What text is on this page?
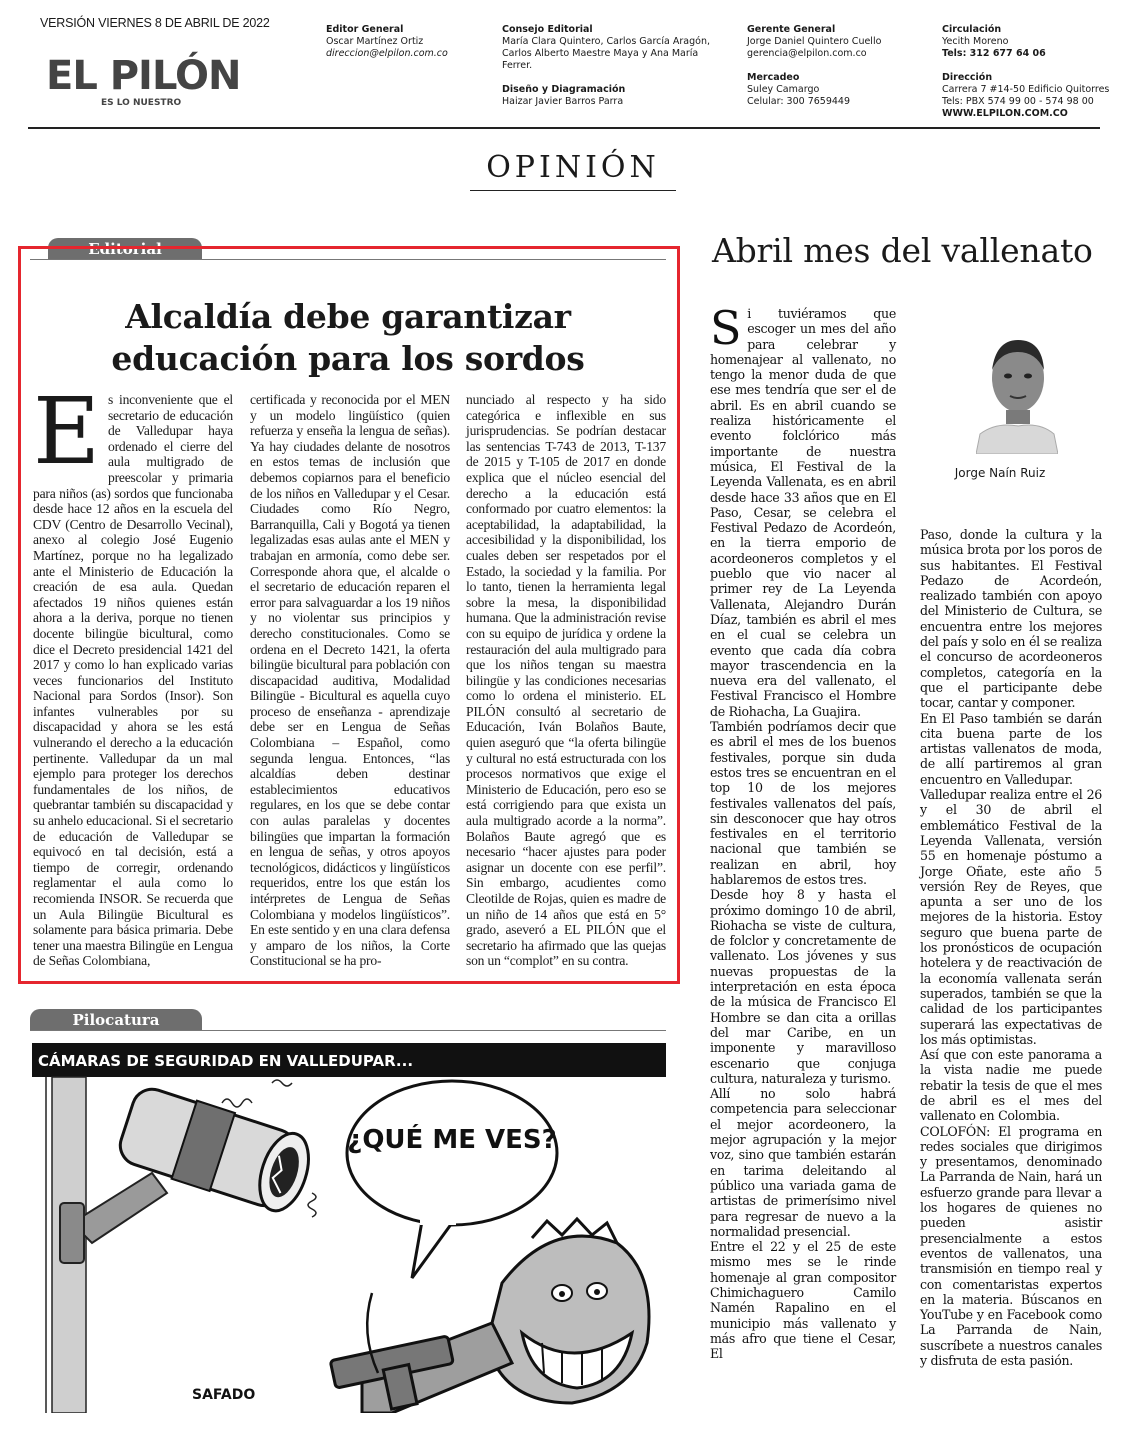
VERSIÓN VIERNES 8 DE ABRIL DE 2022
EL PILÓN
ES LO NUESTRO
Editor General
Oscar Martínez Ortiz
direccion@elpilon.com.co
Consejo Editorial
María Clara Quintero, Carlos García Aragón,
Carlos Alberto Maestre Maya y Ana María
Ferrer.
Diseño y Diagramación
Haizar Javier Barros Parra
Gerente General
Jorge Daniel Quintero Cuello
gerencia@elpilon.com.co
Mercadeo
Suley Camargo
Celular: 300 7659449
Circulación
Yecith Moreno
Tels: 312 677 64 06
Dirección
Carrera 7 #14-50 Edificio Quitorres
Tels: PBX 574 99 00 - 574 98 00
WWW.ELPILON.COM.CO
OPINIÓN
Editorial
Alcaldía debe garantizar
educación para los sordos
Es inconveniente que el secretario de educación de Valledupar haya ordenado el cierre del aula multigrado de preescolar y primaria para niños (as) sordos que funcionaba desde hace 12 años en la escuela del CDV (Centro de Desarrollo Vecinal), anexo al colegio José Eugenio Martínez, porque no ha legalizado ante el Ministerio de Educación la creación de esa aula. Quedan afectados 19 niños quienes están ahora a la deriva, porque no tienen docente bilingüe bicultural, como dice el Decreto presidencial 1421 del 2017 y como lo han explicado varias veces funcionarios del Instituto Nacional para Sordos (Insor). Son infantes vulnerables por su discapacidad y ahora se les está vulnerando el derecho a la educación pertinente. Valledupar da un mal ejemplo para proteger los derechos fundamentales de los niños, de quebrantar también su discapacidad y su anhelo educacional. Si el secretario de educación de Valledupar se equivocó en tal decisión, está a tiempo de corregir, ordenando reglamentar el aula como lo recomienda INSOR. Se recuerda que un Aula Bilingüe Bicultural es solamente para básica primaria. Debe tener una maestra Bilingüe en Lengua de Señas Colombiana,
certificada y reconocida por el MEN y un modelo lingüístico (quien refuerza y enseña la lengua de señas). Ya hay ciudades delante de nosotros en estos temas de inclusión que debemos copiarnos para el beneficio de los niños en Valledupar y el Cesar. Ciudades como Río Negro, Barranquilla, Cali y Bogotá ya tienen legalizadas esas aulas ante el MEN y trabajan en armonía, como debe ser. Corresponde ahora que, el alcalde o el secretario de educación reparen el error para salvaguardar a los 19 niños y no violentar sus principios y derecho constitucionales. Como se ordena en el Decreto 1421, la oferta bilingüe bicultural para población con discapacidad auditiva, Modalidad Bilingüe - Bicultural es aquella cuyo proceso de enseñanza - aprendizaje debe ser en Lengua de Señas Colombiana – Español, como segunda lengua. Entonces, “las alcaldías deben destinar establecimientos educativos regulares, en los que se debe contar con aulas paralelas y docentes bilingües que impartan la formación en lengua de señas, y otros apoyos tecnológicos, didácticos y lingüísticos requeridos, entre los que están los intérpretes de Lengua de Señas Colombiana y modelos lingüísticos”. En este sentido y en una clara defensa y amparo de los niños, la Corte Constitucional se ha pro-
nunciado al respecto y ha sido categórica e inflexible en sus jurisprudencias. Se podrían destacar las sentencias T-743 de 2013, T-137 de 2015 y T-105 de 2017 en donde explica que el núcleo esencial del derecho a la educación está conformado por cuatro elementos: la aceptabilidad, la adaptabilidad, la accesibilidad y la disponibilidad, los cuales deben ser respetados por el Estado, la sociedad y la familia. Por lo tanto, tienen la herramienta legal sobre la mesa, la disponibilidad humana. Que la administración revise con su equipo de jurídica y ordene la restauración del aula multigrado para que los niños tengan su maestra bilingüe y las condiciones necesarias como lo ordena el ministerio. EL PILÓN consultó al secretario de Educación, Iván Bolaños Baute, quien aseguró que “la oferta bilingüe y cultural no está estructurada con los procesos normativos que exige el Ministerio de Educación, pero eso se está corrigiendo para que exista un aula multigrado acorde a la norma”. Bolaños Baute agregó que es necesario “hacer ajustes para poder asignar un docente con ese perfil”. Sin embargo, acudientes como Cleotilde de Rojas, quien es madre de un niño de 14 años que está en 5° grado, aseveró a EL PILÓN que el secretario ha afirmado que las quejas son un “complot” en su contra.
Pilocatura
CÁMARAS DE SEGURIDAD EN VALLEDUPAR...
¿QUÉ ME VES?
SAFADO
Abril mes del vallenato
Jorge Naín Ruiz

Si tuviéramos que escoger un mes del año para celebrar y homenajear al vallenato, no tengo la menor duda de que ese mes tendría que ser el de abril. Es en abril cuando se realiza históricamente el evento folclórico más importante de nuestra música, El Festival de la Leyenda Vallenata, es en abril desde hace 33 años que en El Paso, Cesar, se celebra el Festival Pedazo de Acordeón, en la tierra emporio de acordeoneros completos y el pueblo que vio nacer al primer rey de La Leyenda Vallenata, Alejandro Durán Díaz, también es abril el mes en el cual se celebra un evento que cada día cobra mayor trascendencia en la nueva era del vallenato, el Festival Francisco el Hombre de Riohacha, La Guajira.

También podríamos decir que es abril el mes de los buenos festivales, porque sin duda estos tres se encuentran en el top 10 de los mejores festivales vallenatos del país, sin desconocer que hay otros festivales en el territorio nacional que también se realizan en abril, hoy hablaremos de estos tres.

Desde hoy 8 y hasta el próximo domingo 10 de abril, Riohacha se viste de cultura, de folclor y concretamente de vallenato. Los jóvenes y sus nuevas propuestas de la interpretación en esta época de la música de Francisco El Hombre se dan cita a orillas del mar Caribe, en un imponente y maravilloso escenario que conjuga cultura, naturaleza y turismo.

Allí no solo habrá competencia para seleccionar el mejor acordeonero, la mejor agrupación y la mejor voz, sino que también estarán en tarima deleitando al público una variada gama de artistas de primerísimo nivel para regresar de nuevo a la normalidad presencial.

Entre el 22 y el 25 de este mismo mes se le rinde homenaje al gran compositor Chimichaguero Camilo Namén Rapalino en el municipio más vallenato y más afro que tiene el Cesar, El

Paso, donde la cultura y la música brota por los poros de sus habitantes. El Festival Pedazo de Acordeón, realizado también con apoyo del Ministerio de Cultura, se encuentra entre los mejores del país y solo en él se realiza el concurso de acordeoneros completos, categoría en la que el participante debe tocar, cantar y componer.

En El Paso también se darán cita buena parte de los artistas vallenatos de moda, de allí partiremos al gran encuentro en Valledupar.

Valledupar realiza entre el 26 y el 30 de abril el emblemático Festival de la Leyenda Vallenata, versión 55 en homenaje póstumo a Jorge Oñate, este año 5 versión Rey de Reyes, que apunta a ser uno de los mejores de la historia. Estoy seguro que buena parte de los pronósticos de ocupación hotelera y de reactivación de la economía vallenata serán superados, también se que la calidad de los participantes superará las expectativas de los más optimistas.

Así que con este panorama a la vista nadie me puede rebatir la tesis de que el mes de abril es el mes del vallenato en Colombia.

COLOFÓN: El programa en redes sociales que dirigimos y presentamos, denominado La Parranda de Nain, hará un esfuerzo grande para llevar a los hogares de quienes no pueden asistir presencialmente a estos eventos de vallenatos, una transmisión en tiempo real y con comentaristas expertos en la materia. Búscanos en YouTube y en Facebook como La Parranda de Nain, suscríbete a nuestros canales y disfruta de esta pasión.
